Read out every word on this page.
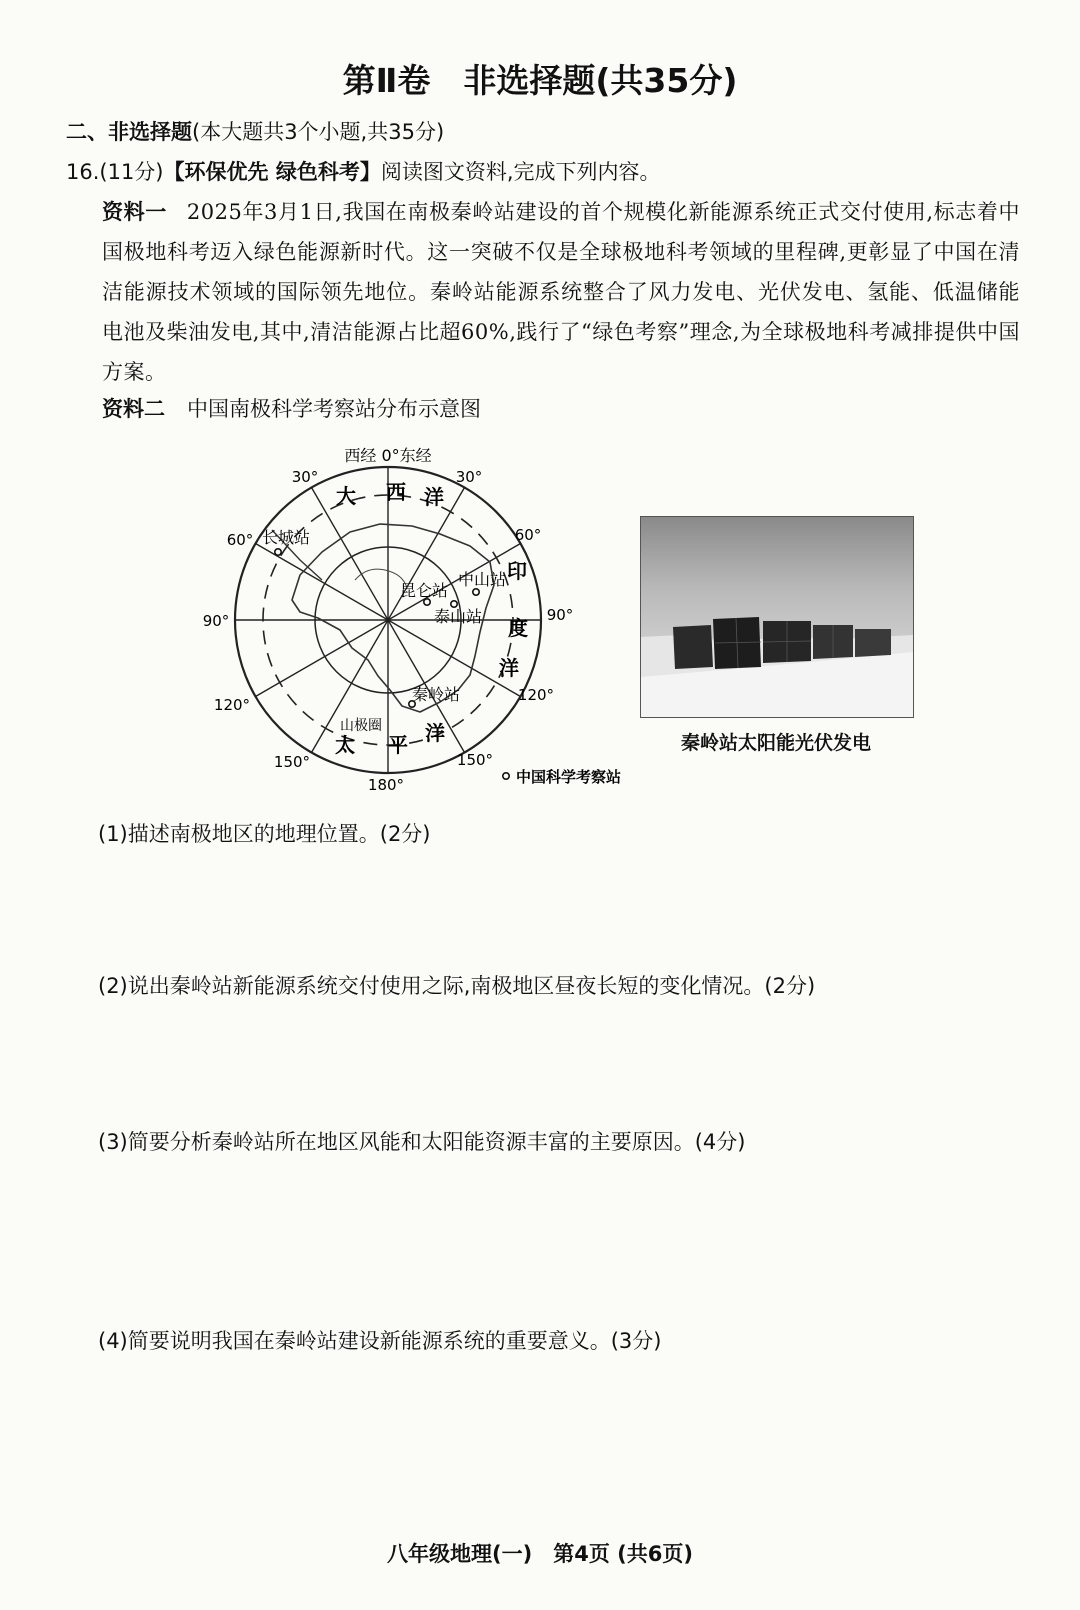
第Ⅱ卷　非选择题(共35分)
二、非选择题(本大题共3个小题,共35分)
16.(11分)【环保优先 绿色科考】阅读图文资料,完成下列内容。
资料一 2025年3月1日,我国在南极秦岭站建设的首个规模化新能源系统正式交付使用,标志着中国极地科考迈入绿色能源新时代。这一突破不仅是全球极地科考领域的里程碑,更彰显了中国在清洁能源技术领域的国际领先地位。秦岭站能源系统整合了风力发电、光伏发电、氢能、低温储能电池及柴油发电,其中,清洁能源占比超60%,践行了“绿色考察”理念,为全球极地科考减排提供中国方案。
资料二 中国南极科学考察站分布示意图
西经 0°东经
30°	30°
60°	60°
90°	90°
120°
120°
150°	150°
180°
大 西 洋
印
度
洋
太 平 洋
长城站
中山站
昆仑站
泰山站
秦岭站
山极圈
中国科学考察站
秦岭站太阳能光伏发电
(1)描述南极地区的地理位置。(2分)
(2)说出秦岭站新能源系统交付使用之际,南极地区昼夜长短的变化情况。(2分)
(3)简要分析秦岭站所在地区风能和太阳能资源丰富的主要原因。(4分)
(4)简要说明我国在秦岭站建设新能源系统的重要意义。(3分)
八年级地理(一)　第4页 (共6页)
